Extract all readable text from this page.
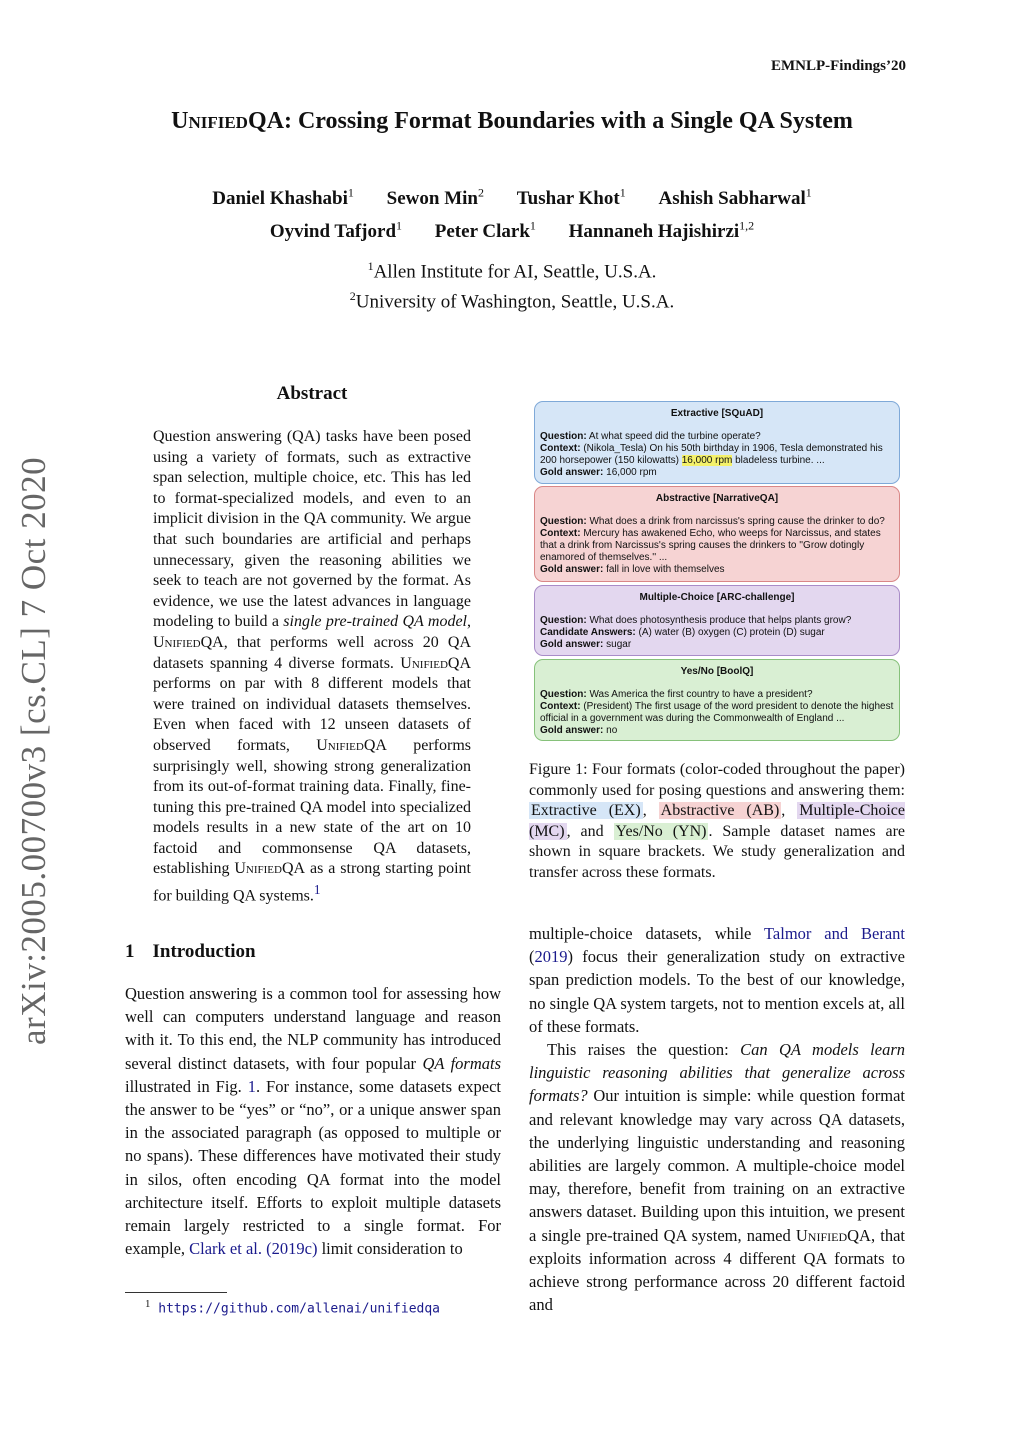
EMNLP-Findings’20
UnifiedQA: Crossing Format Boundaries with a Single QA System
Daniel Khashabi$^1$ Sewon Min$^2$ Tushar Khot$^1$ Ashish Sabharwal$^1$
Oyvind Tafjord$^1$ Peter Clark$^1$ Hannaneh Hajishirzi$^{1,2}$
$^1$Allen Institute for AI, Seattle, U.S.A.
$^2$University of Washington, Seattle, U.S.A.
arXiv:2005.00700v3 [cs.CL] 7 Oct 2020
Abstract
Question answering (QA) tasks have been posed using a variety of formats, such as extractive span selection, multiple choice, etc. This has led to format-specialized models, and even to an implicit division in the QA community. We argue that such boundaries are artificial and perhaps unnecessary, given the reasoning abilities we seek to teach are not governed by the format. As evidence, we use the latest advances in language modeling to build a single pre-trained QA model, UnifiedQA, that performs well across 20 QA datasets spanning 4 diverse formats. UnifiedQA performs on par with 8 different models that were trained on individual datasets themselves. Even when faced with 12 unseen datasets of observed formats, UnifiedQA performs surprisingly well, showing strong generalization from its out-of-format training data. Finally, fine-tuning this pre-trained QA model into specialized models results in a new state of the art on 10 factoid and commonsense QA datasets, establishing UnifiedQA as a strong starting point for building QA systems.$^1$
1 Introduction
Question answering is a common tool for assessing how well can computers understand language and reason with it. To this end, the NLP community has introduced several distinct datasets, with four popular QA formats illustrated in Fig. 1. For instance, some datasets expect the answer to be “yes” or “no”, or a unique answer span in the associated paragraph (as opposed to multiple or no spans). These differences have motivated their study in silos, often encoding QA format into the model architecture itself. Efforts to exploit multiple datasets remain largely restricted to a single format. For example, Clark et al. (2019c) limit consideration to

multiple-choice datasets, while Talmor and Berant (2019) focus their generalization study on extractive span prediction models. To the best of our knowledge, no single QA system targets, not to mention excels at, all of these formats.

This raises the question: Can QA models learn linguistic reasoning abilities that generalize across formats? Our intuition is simple: while question format and relevant knowledge may vary across QA datasets, the underlying linguistic understanding and reasoning abilities are largely common. A multiple-choice model may, therefore, benefit from training on an extractive answers dataset. Building upon this intuition, we present a single pre-trained QA system, named UnifiedQA, that exploits information across 4 different QA formats to achieve strong performance across 20 different factoid and

$^1$ https://github.com/allenai/unifiedqa
Extractive [SQuAD]
Question: At what speed did the turbine operate?
Context: (Nikola_Tesla) On his 50th birthday in 1906, Tesla demonstrated his 200 horsepower (150 kilowatts) 16,000 rpm bladeless turbine. ...
Gold answer: 16,000 rpm
Abstractive [NarrativeQA]
Question: What does a drink from narcissus's spring cause the drinker to do?
Context: Mercury has awakened Echo, who weeps for Narcissus, and states that a drink from Narcissus's spring causes the drinkers to ''Grow dotingly enamored of themselves.'' ...
Gold answer: fall in love with themselves
Multiple-Choice [ARC-challenge]
Question: What does photosynthesis produce that helps plants grow?
Candidate Answers: (A) water (B) oxygen (C) protein (D) sugar
Gold answer: sugar
Yes/No [BoolQ]
Question: Was America the first country to have a president?
Context: (President) The first usage of the word president to denote the highest official in a government was during the Commonwealth of England ...
Gold answer: no
Figure 1: Four formats (color-coded throughout the paper) commonly used for posing questions and answering them: Extractive (EX) , Abstractive (AB) , Multiple-Choice (MC) , and Yes/No (YN) . Sample dataset names are shown in square brackets. We study generalization and transfer across these formats.
